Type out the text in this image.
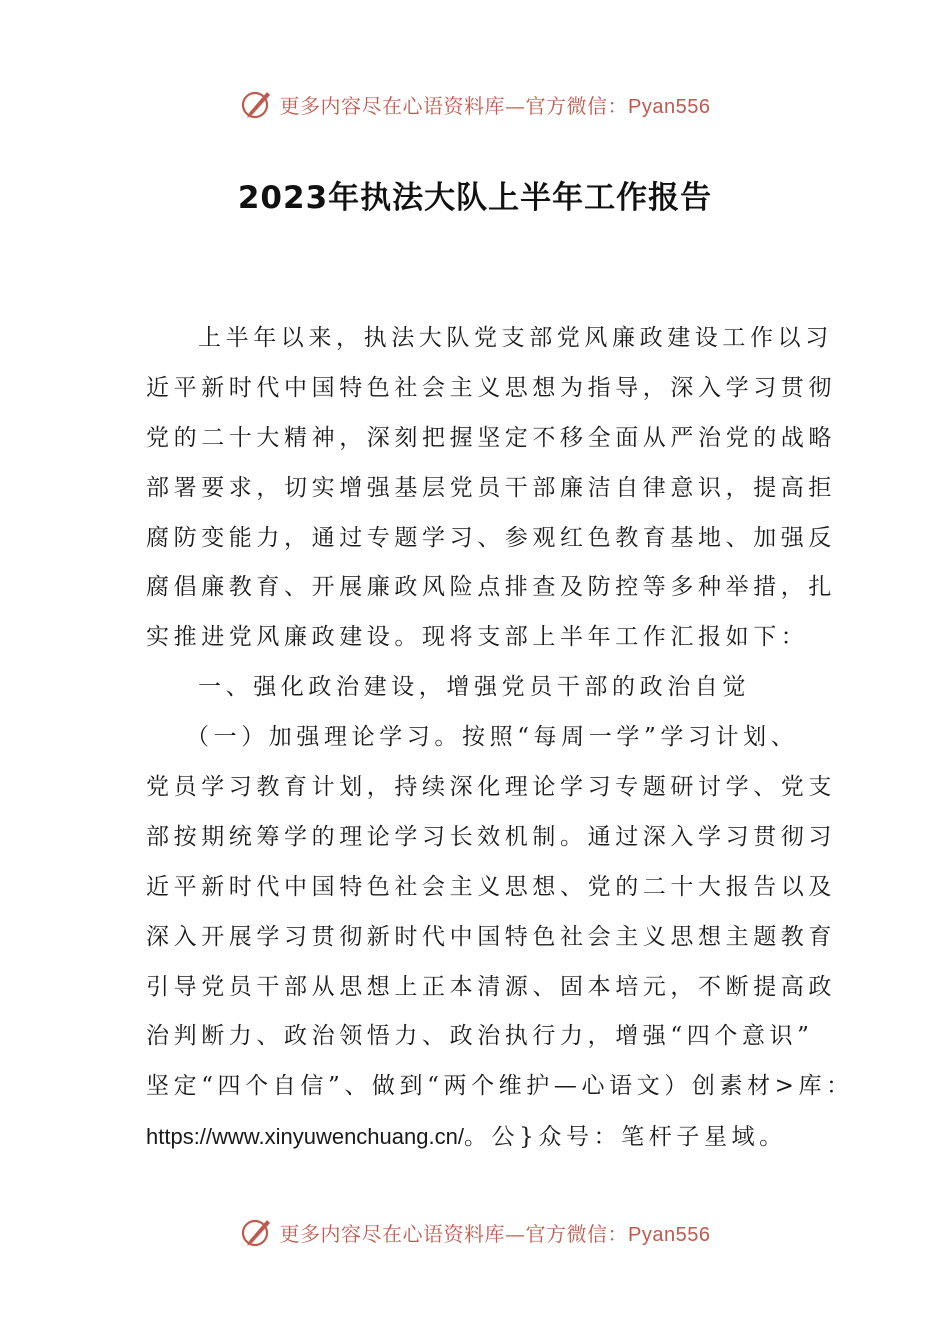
更多内容尽在心语资料库—官方微信：Pyan556
2023年执法大队上半年工作报告
上半年以来，执法大队党支部党风廉政建设工作以习
近平新时代中国特色社会主义思想为指导，深入学习贯彻
党的二十大精神，深刻把握坚定不移全面从严治党的战略
部署要求，切实增强基层党员干部廉洁自律意识，提高拒
腐防变能力，通过专题学习、参观红色教育基地、加强反
腐倡廉教育、开展廉政风险点排查及防控等多种举措，扎
实推进党风廉政建设。现将支部上半年工作汇报如下：
一、强化政治建设，增强党员干部的政治自觉
（一）加强理论学习。按照“每周一学”学习计划、
党员学习教育计划，持续深化理论学习专题研讨学、党支
部按期统筹学的理论学习长效机制。通过深入学习贯彻习
近平新时代中国特色社会主义思想、党的二十大报告以及
深入开展学习贯彻新时代中国特色社会主义思想主题教育
引导党员干部从思想上正本清源、固本培元，不断提高政
治判断力、政治领悟力、政治执行力，增强“四个意识”
坚定“四个自信”、做到“两个维护—心语文）创素材>库：
https://www.xinyuwenchuang.cn/。公}众号：笔杆子星域。
更多内容尽在心语资料库—官方微信：Pyan556
